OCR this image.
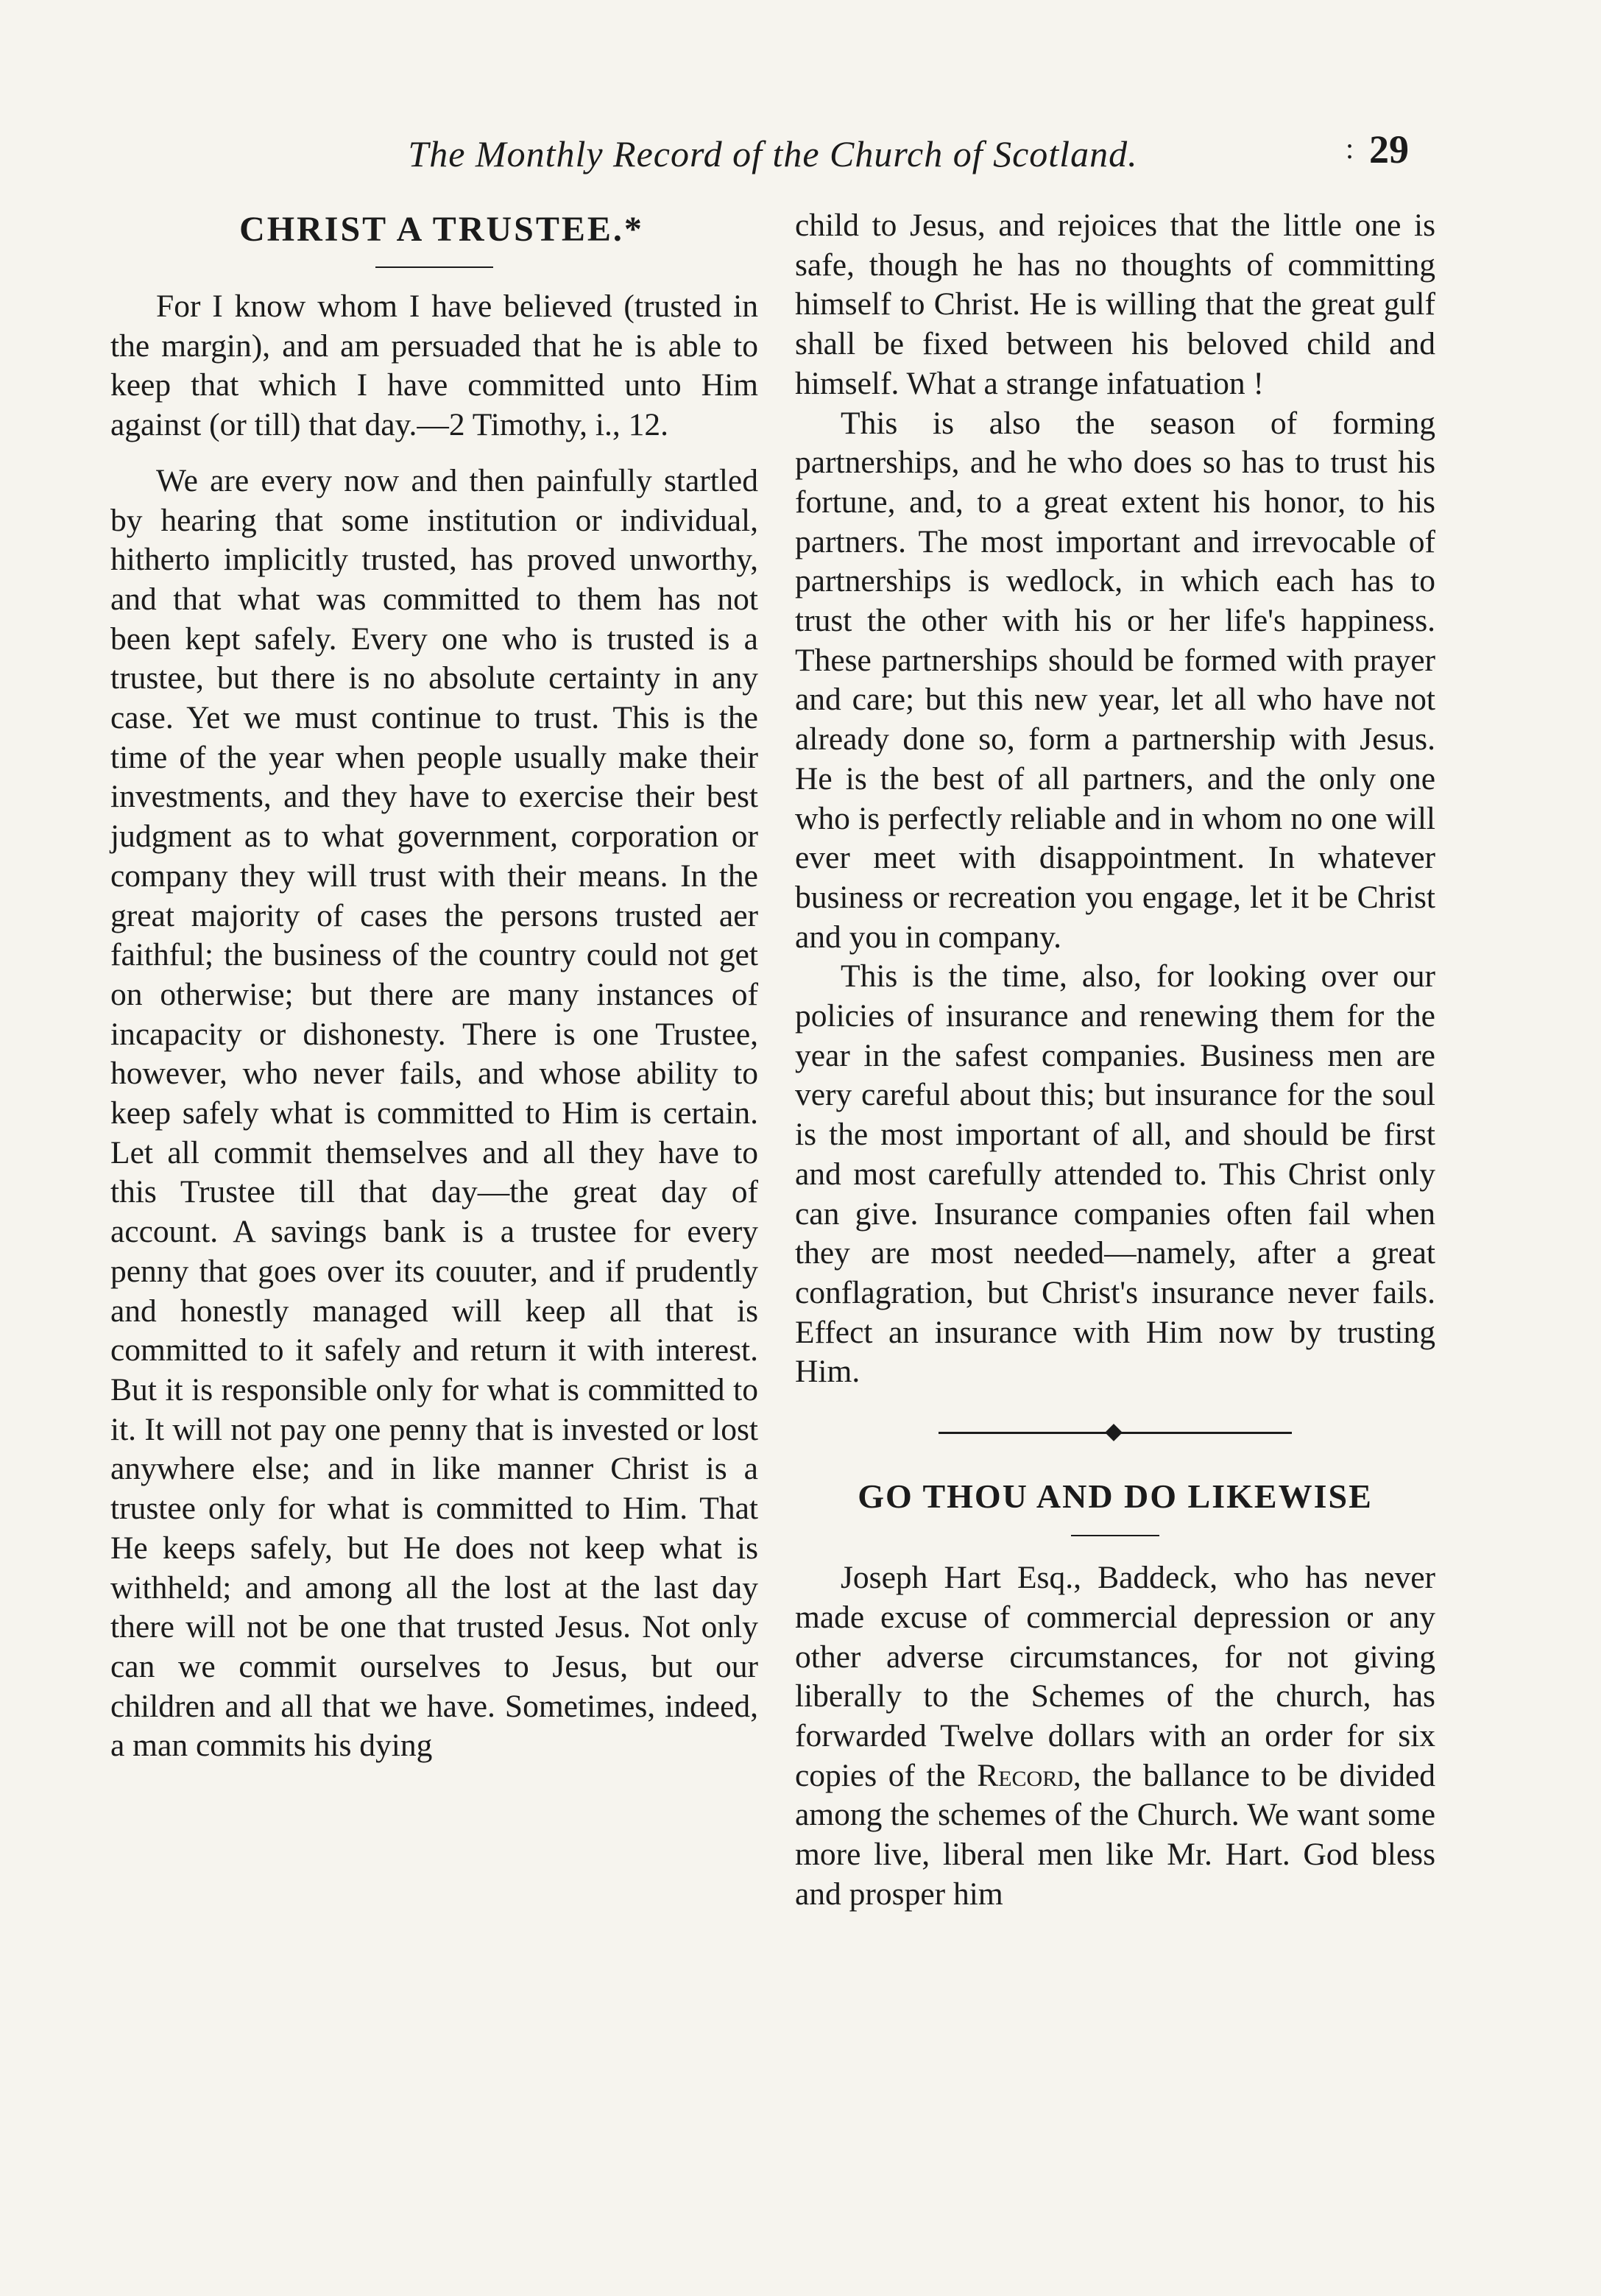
The Monthly Record of the Church of Scotland.	: 29
CHRIST A TRUSTEE.*

For I know whom I have believed (trusted in the margin), and am persuaded that he is able to keep that which I have committed unto Him against (or till) that day.—2 Timothy, i., 12.

We are every now and then painfully startled by hearing that some institution or individual, hitherto implicitly trusted, has proved unworthy, and that what was committed to them has not been kept safely. Every one who is trusted is a trustee, but there is no absolute certainty in any case. Yet we must continue to trust. This is the time of the year when people usually make their investments, and they have to exercise their best judgment as to what government, corporation or company they will trust with their means. In the great majority of cases the persons trusted aer faithful; the business of the country could not get on otherwise; but there are many instances of incapacity or dishonesty. There is one Trustee, however, who never fails, and whose ability to keep safely what is committed to Him is certain. Let all commit themselves and all they have to this Trustee till that day—the great day of account. A savings bank is a trustee for every penny that goes over its couuter, and if prudently and honestly managed will keep all that is committed to it safely and return it with interest. But it is responsible only for what is committed to it. It will not pay one penny that is invested or lost anywhere else; and in like manner Christ is a trustee only for what is committed to Him. That He keeps safely, but He does not keep what is withheld; and among all the lost at the last day there will not be one that trusted Jesus. Not only can we commit ourselves to Jesus, but our children and all that we have. Sometimes, indeed, a man commits his dying

child to Jesus, and rejoices that the little one is safe, though he has no thoughts of committing himself to Christ. He is willing that the great gulf shall be fixed between his beloved child and himself. What a strange infatuation !

This is also the season of forming partnerships, and he who does so has to trust his fortune, and, to a great extent his honor, to his partners. The most important and irrevocable of partnerships is wedlock, in which each has to trust the other with his or her life's happiness. These partnerships should be formed with prayer and care; but this new year, let all who have not already done so, form a partnership with Jesus. He is the best of all partners, and the only one who is perfectly reliable and in whom no one will ever meet with disappointment. In whatever business or recreation you engage, let it be Christ and you in company.

This is the time, also, for looking over our policies of insurance and renewing them for the year in the safest companies. Business men are very careful about this; but insurance for the soul is the most important of all, and should be first and most carefully attended to. This Christ only can give. Insurance companies often fail when they are most needed—namely, after a great conflagration, but Christ's insurance never fails. Effect an insurance with Him now by trusting Him.

GO THOU AND DO LIKEWISE

Joseph Hart Esq., Baddeck, who has never made excuse of commercial depression or any other adverse circumstances, for not giving liberally to the Schemes of the church, has forwarded Twelve dollars with an order for six copies of the Record, the ballance to be divided among the schemes of the Church. We want some more live, liberal men like Mr. Hart. God bless and prosper him
